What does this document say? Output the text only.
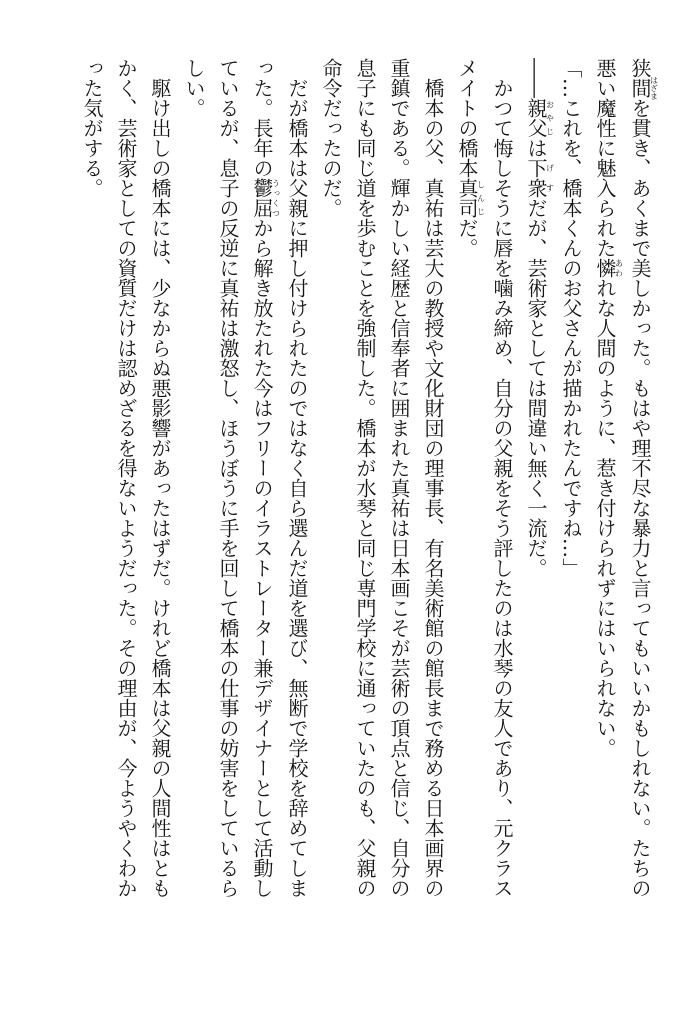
狭間はざまを貫き、あくまで美しかった。もはや理不尽な暴力と言ってもいいかもしれない。たちの
悪い魔性に魅入られた憐あわれな人間のように、惹き付けられずにはいられない。
「…これを、橋本くんのお父さんが描かれたんですね…」
――親父おやじは下衆げすだが、芸術家としては間違い無く一流だ。
かつて悔しそうに唇を噛み締め、自分の父親をそう評したのは水琴の友人であり、元クラス
メイトの橋本真司しんじだ。
橋本の父、真祐は芸大の教授や文化財団の理事長、有名美術館の館長まで務める日本画界の
重鎮である。輝かしい経歴と信奉者に囲まれた真祐は日本画こそが芸術の頂点と信じ、自分の
息子にも同じ道を歩むことを強制した。橋本が水琴と同じ専門学校に通っていたのも、父親の
命令だったのだ。
だが橋本は父親に押し付けられたのではなく自ら選んだ道を選び、無断で学校を辞めてしま
った。長年の鬱屈うっくつから解き放たれた今はフリーのイラストレーター兼デザイナーとして活動し
ているが、息子の反逆に真祐は激怒し、ほうぼうに手を回して橋本の仕事の妨害をしているら
しい。
駆け出しの橋本には、少なからぬ悪影響があったはずだ。けれど橋本は父親の人間性はとも
かく、芸術家としての資質だけは認めざるを得ないようだった。その理由が、今ようやくわか
った気がする。
